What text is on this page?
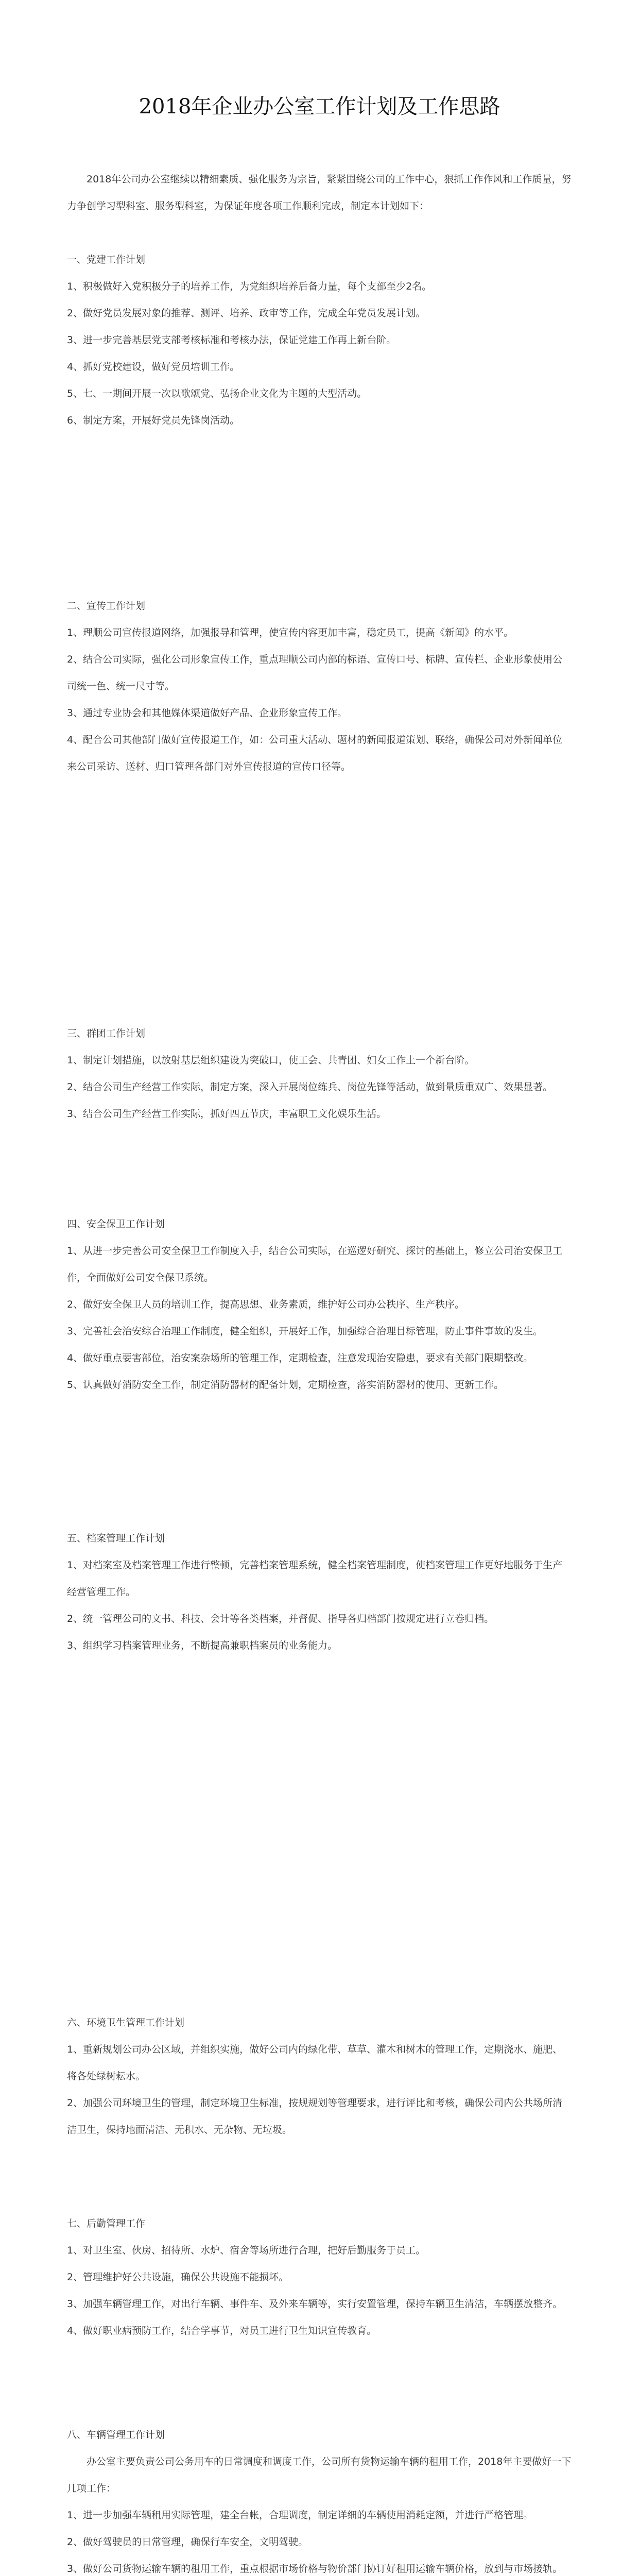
2018年企业办公室工作计划及工作思路
2018年公司办公室继续以精细素质、强化服务为宗旨，紧紧围绕公司的工作中心，狠抓工作作风和工作质量，努力争创学习型科室、服务型科室，为保证年度各项工作顺利完成，制定本计划如下：
一、党建工作计划
1、积极做好入党积极分子的培养工作，为党组织培养后备力量，每个支部至少2名。
2、做好党员发展对象的推荐、测评、培养、政审等工作，完成全年党员发展计划。
3、进一步完善基层党支部考核标准和考核办法，保证党建工作再上新台阶。
4、抓好党校建设，做好党员培训工作。
5、七、一期间开展一次以歌颂党、弘扬企业文化为主题的大型活动。
6、制定方案，开展好党员先锋岗活动。
二、宣传工作计划
1、理顺公司宣传报道网络，加强报导和管理，使宣传内容更加丰富，稳定员工，提高《新闻》的水平。
2、结合公司实际，强化公司形象宣传工作，重点理顺公司内部的标语、宣传口号、标牌、宣传栏、企业形象使用公司统一色、统一尺寸等。
3、通过专业协会和其他媒体渠道做好产品、企业形象宣传工作。
4、配合公司其他部门做好宣传报道工作，如：公司重大活动、题材的新闻报道策划、联络，确保公司对外新闻单位来公司采访、送材、归口管理各部门对外宣传报道的宣传口径等。
三、群团工作计划
1、制定计划措施，以放射基层组织建设为突破口，使工会、共青团、妇女工作上一个新台阶。
2、结合公司生产经营工作实际，制定方案，深入开展岗位练兵、岗位先锋等活动，做到量质重双广、效果显著。
3、结合公司生产经营工作实际，抓好四五节庆，丰富职工文化娱乐生活。
四、安全保卫工作计划
1、从进一步完善公司安全保卫工作制度入手，结合公司实际，在巡逻好研究、探讨的基础上，修立公司治安保卫工作，全面做好公司安全保卫系统。
2、做好安全保卫人员的培训工作，提高思想、业务素质，维护好公司办公秩序、生产秩序。
3、完善社会治安综合治理工作制度，健全组织，开展好工作，加强综合治理目标管理，防止事件事故的发生。
4、做好重点要害部位，治安案杂场所的管理工作，定期检查，注意发现治安隐患，要求有关部门限期整改。
5、认真做好消防安全工作，制定消防器材的配备计划，定期检查，落实消防器材的使用、更新工作。
五、档案管理工作计划
1、对档案室及档案管理工作进行整顿，完善档案管理系统，健全档案管理制度，使档案管理工作更好地服务于生产经营管理工作。
2、统一管理公司的文书、科技、会计等各类档案，并督促、指导各归档部门按规定进行立卷归档。
3、组织学习档案管理业务，不断提高兼职档案员的业务能力。
六、环境卫生管理工作计划
1、重新规划公司办公区域，并组织实施，做好公司内的绿化带、草草、灌木和树木的管理工作，定期浇水、施肥、将各处绿树耘水。
2、加强公司环境卫生的管理，制定环境卫生标准，按规规划等管理要求，进行评比和考核，确保公司内公共场所清洁卫生，保持地面清洁、无积水、无杂物、无垃圾。
七、后勤管理工作
1、对卫生室、伙房、招待所、水炉、宿舍等场所进行合理，把好后勤服务于员工。
2、管理维护好公共设施，确保公共设施不能损坏。
3、加强车辆管理工作，对出行车辆、事件车、及外来车辆等，实行安置管理，保持车辆卫生清洁，车辆摆放整齐。
4、做好职业病预防工作，结合学事节，对员工进行卫生知识宣传教育。
八、车辆管理工作计划
办公室主要负责公司公务用车的日常调度和调度工作，公司所有货物运输车辆的租用工作，2018年主要做好一下几项工作：
1、进一步加强车辆租用实际管理，建全台帐，合理调度，制定详细的车辆使用消耗定额，并进行严格管理。
2、做好驾驶员的日常管理，确保行车安全，文明驾驶。
3、做好公司货物运输车辆的租用工作，重点根据市场价格与物价部门协订好租用运输车辆价格，放到与市场接轨。
